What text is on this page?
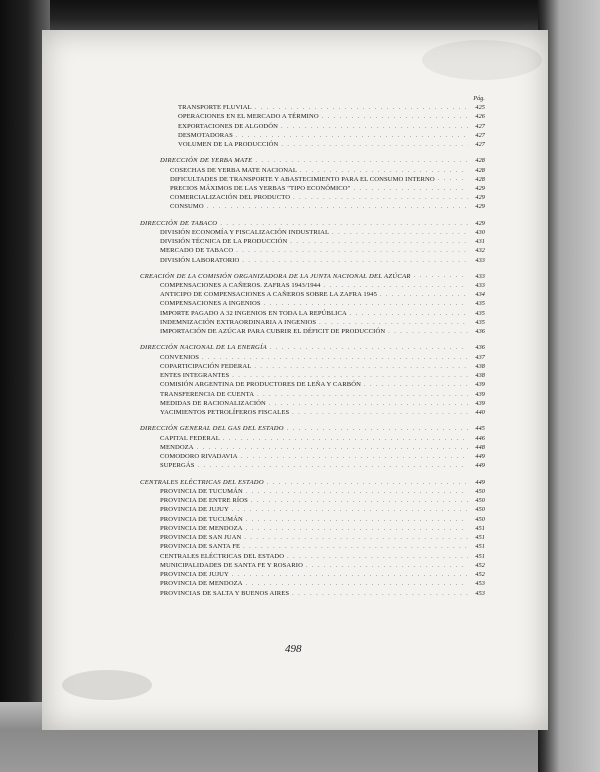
Pág.
TRANSPORTE FLUVIAL . . .	425
OPERACIONES EN EL MERCADO A TÉRMINO . . .	426
EXPORTACIONES DE ALGODÓN . . .	427
DESMOTADORAS . . .	427
VOLUMEN DE LA PRODUCCIÓN . . .	427
DIRECCIÓN DE YERBA MATE . . .	428
COSECHAS DE YERBA MATE NACIONAL . . .	428
DIFICULTADES DE TRANSPORTE Y ABASTECIMIENTO PARA EL CONSUMO INTERNO . . .	428
PRECIOS MÁXIMOS DE LAS YERBAS "TIPO ECONÓMICO" . . .	429
COMERCIALIZACIÓN DEL PRODUCTO . . .	429
CONSUMO . . .	429
DIRECCIÓN DE TABACO . . .	429
DIVISIÓN ECONOMÍA Y FISCALIZACIÓN INDUSTRIAL . . .	430
DIVISIÓN TÉCNICA DE LA PRODUCCIÓN . . .	431
MERCADO DE TABACO . . .	432
DIVISIÓN LABORATORIO . . .	433
CREACIÓN DE LA COMISIÓN ORGANIZADORA DE LA JUNTA NACIONAL DEL AZÚCAR . . .	433
COMPENSACIONES A CAÑEROS. ZAFRAS 1943/1944 . . .	433
ANTICIPO DE COMPENSACIONES A CAÑEROS SOBRE LA ZAFRA 1945 . . .	434
COMPENSACIONES A INGENIOS . . .	435
IMPORTE PAGADO A 32 INGENIOS EN TODA LA REPÚBLICA . . .	435
INDEMNIZACIÓN EXTRAORDINARIA A INGENIOS . . .	435
IMPORTACIÓN DE AZÚCAR PARA CUBRIR EL DÉFICIT DE PRODUCCIÓN . . .	436
DIRECCIÓN NACIONAL DE LA ENERGÍA . . .	436
CONVENIOS . . .	437
COPARTICIPACIÓN FEDERAL . . .	438
ENTES INTEGRANTES . . .	438
COMISIÓN ARGENTINA DE PRODUCTORES DE LEÑA Y CARBÓN . . .	439
TRANSFERENCIA DE CUENTA . . .	439
MEDIDAS DE RACIONALIZACIÓN . . .	439
YACIMIENTOS PETROLÍFEROS FISCALES . . .	440
DIRECCIÓN GENERAL DEL GAS DEL ESTADO . . .	445
CAPITAL FEDERAL . . .	446
MENDOZA . . .	448
COMODORO RIVADAVIA . . .	449
SUPERGÁS . . .	449
CENTRALES ELÉCTRICAS DEL ESTADO . . .	449
PROVINCIA DE TUCUMÁN . . .	450
PROVINCIA DE ENTRE RÍOS . . .	450
PROVINCIA DE JUJUY . . .	450
PROVINCIA DE TUCUMÁN . . .	450
PROVINCIA DE MENDOZA . . .	451
PROVINCIA DE SAN JUAN . . .	451
PROVINCIA DE SANTA FE . . .	451
CENTRALES ELÉCTRICAS DEL ESTADO . . .	451
MUNICIPALIDADES DE SANTA FE Y ROSARIO . . .	452
PROVINCIA DE JUJUY . . .	452
PROVINCIA DE MENDOZA . . .	453
PROVINCIAS DE SALTA Y BUENOS AIRES . . .	453
498
